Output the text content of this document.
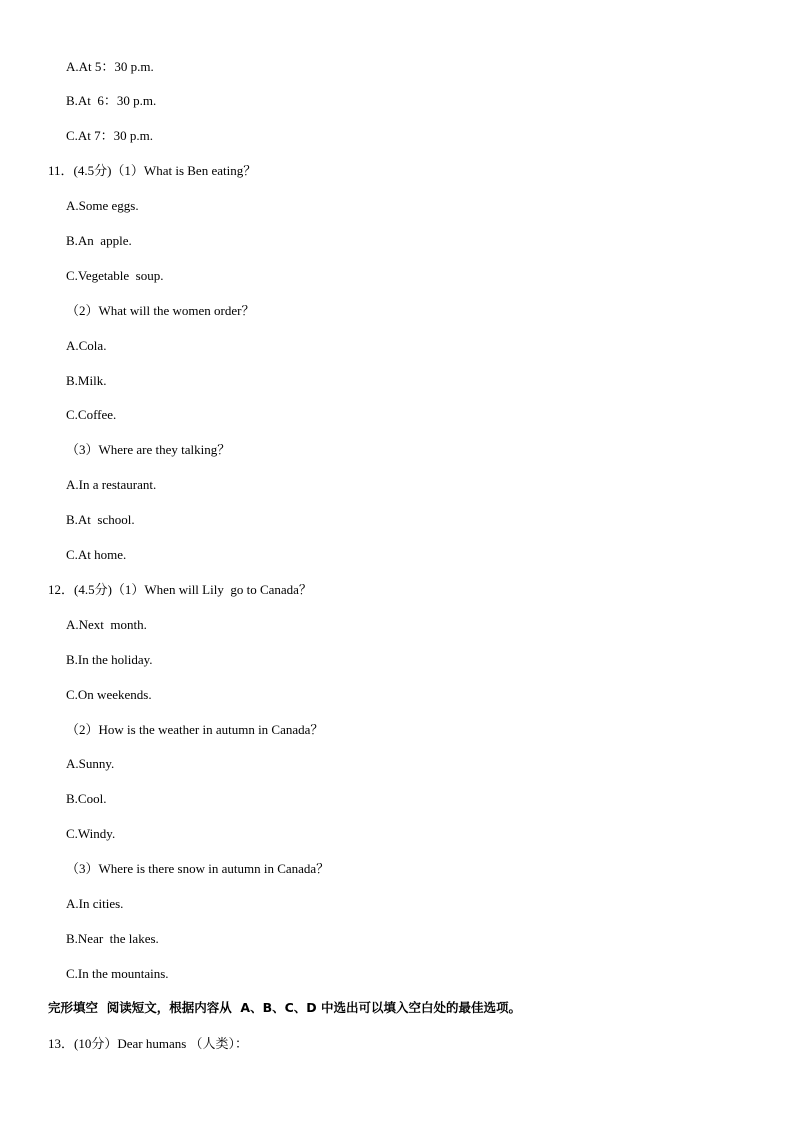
A.At 5：30 p.m.
B.At  6：30 p.m.
C.At 7：30 p.m.
11．(4.5分)（1）What is Ben eating？
A.Some eggs.
B.An  apple.
C.Vegetable  soup.
（2）What will the women order？
A.Cola.
B.Milk.
C.Coffee.
（3）Where are they talking？
A.In a restaurant.
B.At  school.
C.At home.
12．(4.5分)（1）When will Lily  go to Canada？
A.Next  month.
B.In the holiday.
C.On weekends.
（2）How is the weather in autumn in Canada？
A.Sunny.
B.Cool.
C.Windy.
（3）Where is there snow in autumn in Canada？
A.In cities.
B.Near  the lakes.
C.In the mountains.
完形填空  阅读短文，根据内容从  A、B、C、D 中选出可以填入空白处的最佳选项。
13．(10分）Dear humans （人类）：
